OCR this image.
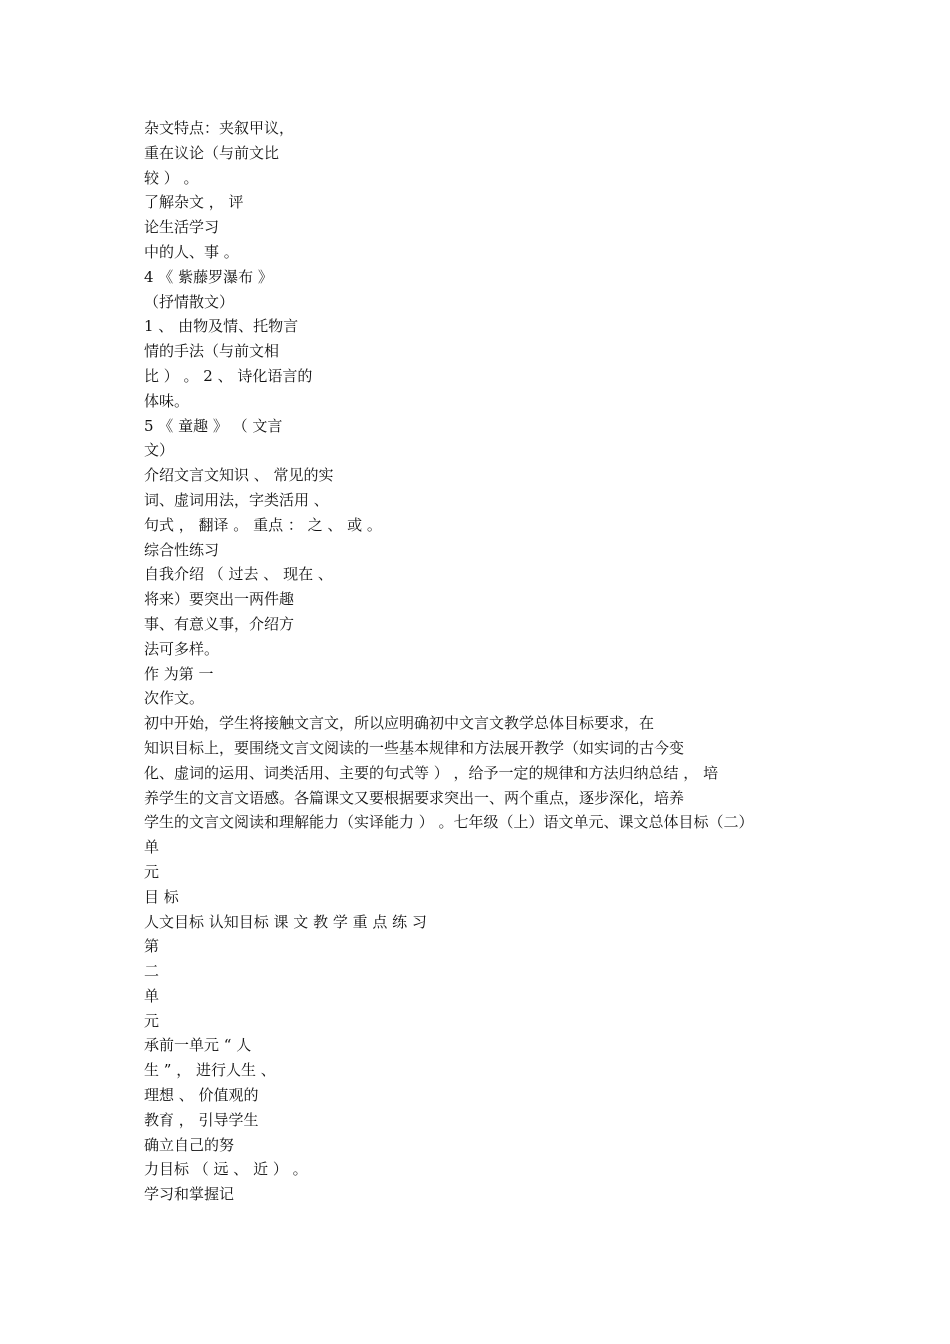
杂文特点：夹叙甲议，
重在议论（与前文比
较 ） 。
了解杂文 ， 评
论生活学习
中的人、事 。
4 《 紫藤罗瀑布 》
（抒情散文）
1 、 由物及情、托物言
情的手法（与前文相
比 ） 。 2 、 诗化语言的
体味。
5 《 童趣 》 （ 文言
文）
介绍文言文知识 、 常见的实
词、虚词用法，字类活用 、
句式 ， 翻译 。 重点 ： 之 、 或 。
综合性练习
自我介绍 （ 过去 、 现在 、
将来）要突出一两件趣
事、有意义事，介绍方
法可多样。
作 为第 一
次作文。
初中开始，学生将接触文言文，所以应明确初中文言文教学总体目标要求，在
知识目标上，要围绕文言文阅读的一些基本规律和方法展开教学（如实词的古今变
化、虚词的运用、词类活用、主要的句式等 ） ，给予一定的规律和方法归纳总结 ， 培
养学生的文言文语感。各篇课文又要根据要求突出一、两个重点，逐步深化，培养
学生的文言文阅读和理解能力（实译能力 ） 。七年级（上）语文单元、课文总体目标（二）
单
元
目 标
人文目标 认知目标 课 文 教 学 重 点 练 习
第
二
单
元
承前一单元 “ 人
生 ” ， 进行人生 、
理想 、 价值观的
教育 ， 引导学生
确立自己的努
力目标 （ 远 、 近 ） 。
学习和掌握记
